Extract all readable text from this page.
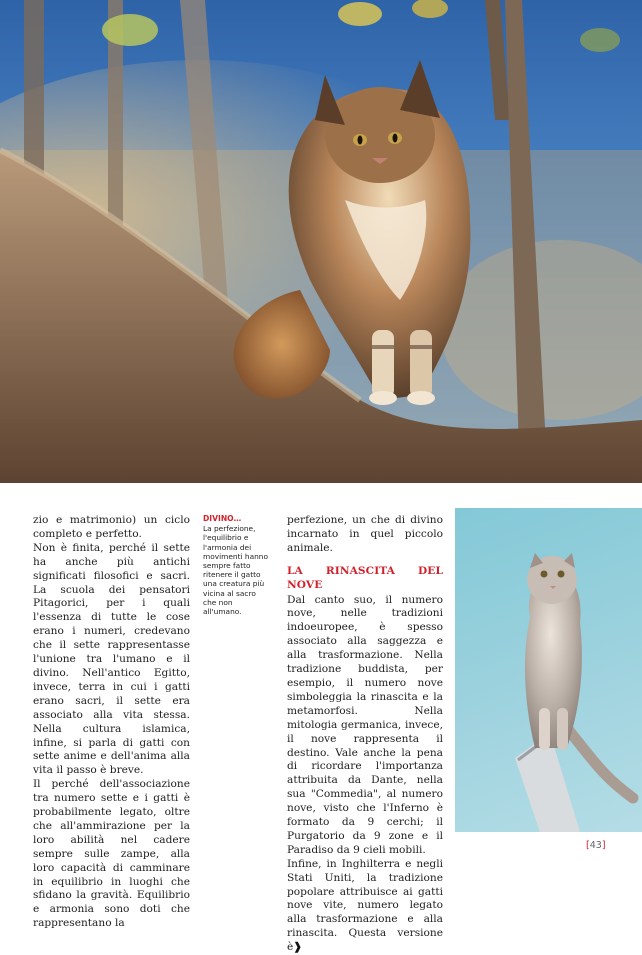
zio e matrimonio) un ciclo completo e perfetto.

Non è finita, perché il sette ha anche più antichi significati filosofici e sacri. La scuola dei pensatori Pitagorici, per i quali l'essenza di tutte le cose erano i numeri, credevano che il sette rappresentasse l'unione tra l'umano e il divino. Nell'antico Egitto, invece, terra in cui i gatti erano sacri, il sette era associato alla vita stessa. Nella cultura islamica, infine, si parla di gatti con sette anime e dell'anima alla vita il passo è breve.

Il perché dell'associazione tra numero sette e i gatti è probabilmente legato, oltre che all'ammirazione per la loro abilità nel cadere sempre sulle zampe, alla loro capacità di camminare in equilibrio in luoghi che sfidano la gravità. Equilibrio e armonia sono doti che rappresentano la

DIVINO…
La perfezione, l'equilibrio e l'armonia dei movimenti hanno sempre fatto ritenere il gatto una creatura più vicina al sacro che non all'umano.

perfezione, un che di divino incarnato in quel piccolo animale.

LA RINASCITA DEL NOVE

Dal canto suo, il numero nove, nelle tradizioni indoeuropee, è spesso associato alla saggezza e alla trasformazione. Nella tradizione buddista, per esempio, il numero nove simboleggia la rinascita e la metamorfosi. Nella mitologia germanica, invece, il nove rappresenta il destino. Vale anche la pena di ricordare l'importanza attribuita da Dante, nella sua "Commedia", al numero nove, visto che l'Inferno è formato da 9 cerchi; il Purgatorio da 9 zone e il Paradiso da 9 cieli mobili.

Infine, in Inghilterra e negli Stati Uniti, la tradizione popolare attribuisce ai gatti nove vite, numero legato alla trasformazione e alla rinascita. Questa versione è❱

[43]
